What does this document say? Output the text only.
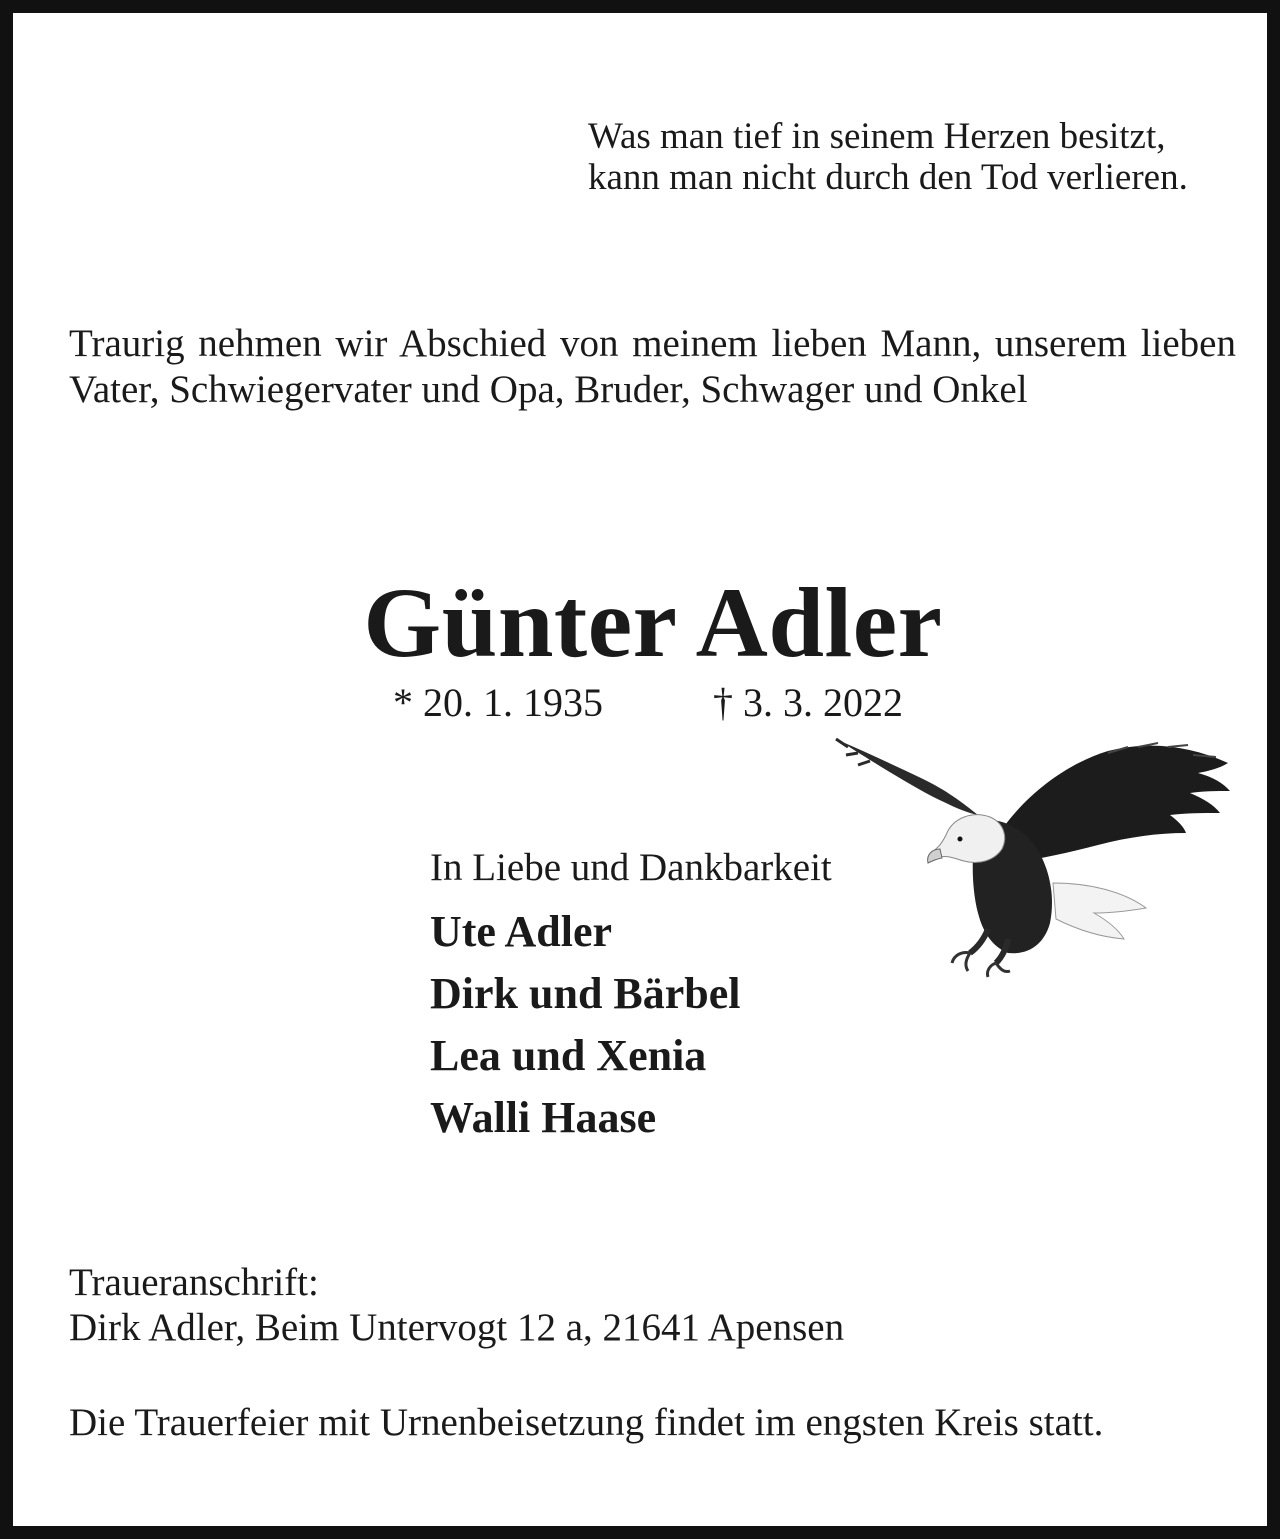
Was man tief in seinem Herzen besitzt,
kann man nicht durch den Tod verlieren.
Traurig nehmen wir Abschied von meinem lieben Mann, unserem lieben Vater, Schwiegervater und Opa, Bruder, Schwager und Onkel
Günter Adler
* 20. 1. 1935	† 3. 3. 2022
In Liebe und Dankbarkeit
Ute Adler
Dirk und Bärbel
Lea und Xenia
Walli Haase
Traueranschrift:
Dirk Adler, Beim Untervogt 12 a, 21641 Apensen
Die Trauerfeier mit Urnenbeisetzung findet im engsten Kreis statt.
